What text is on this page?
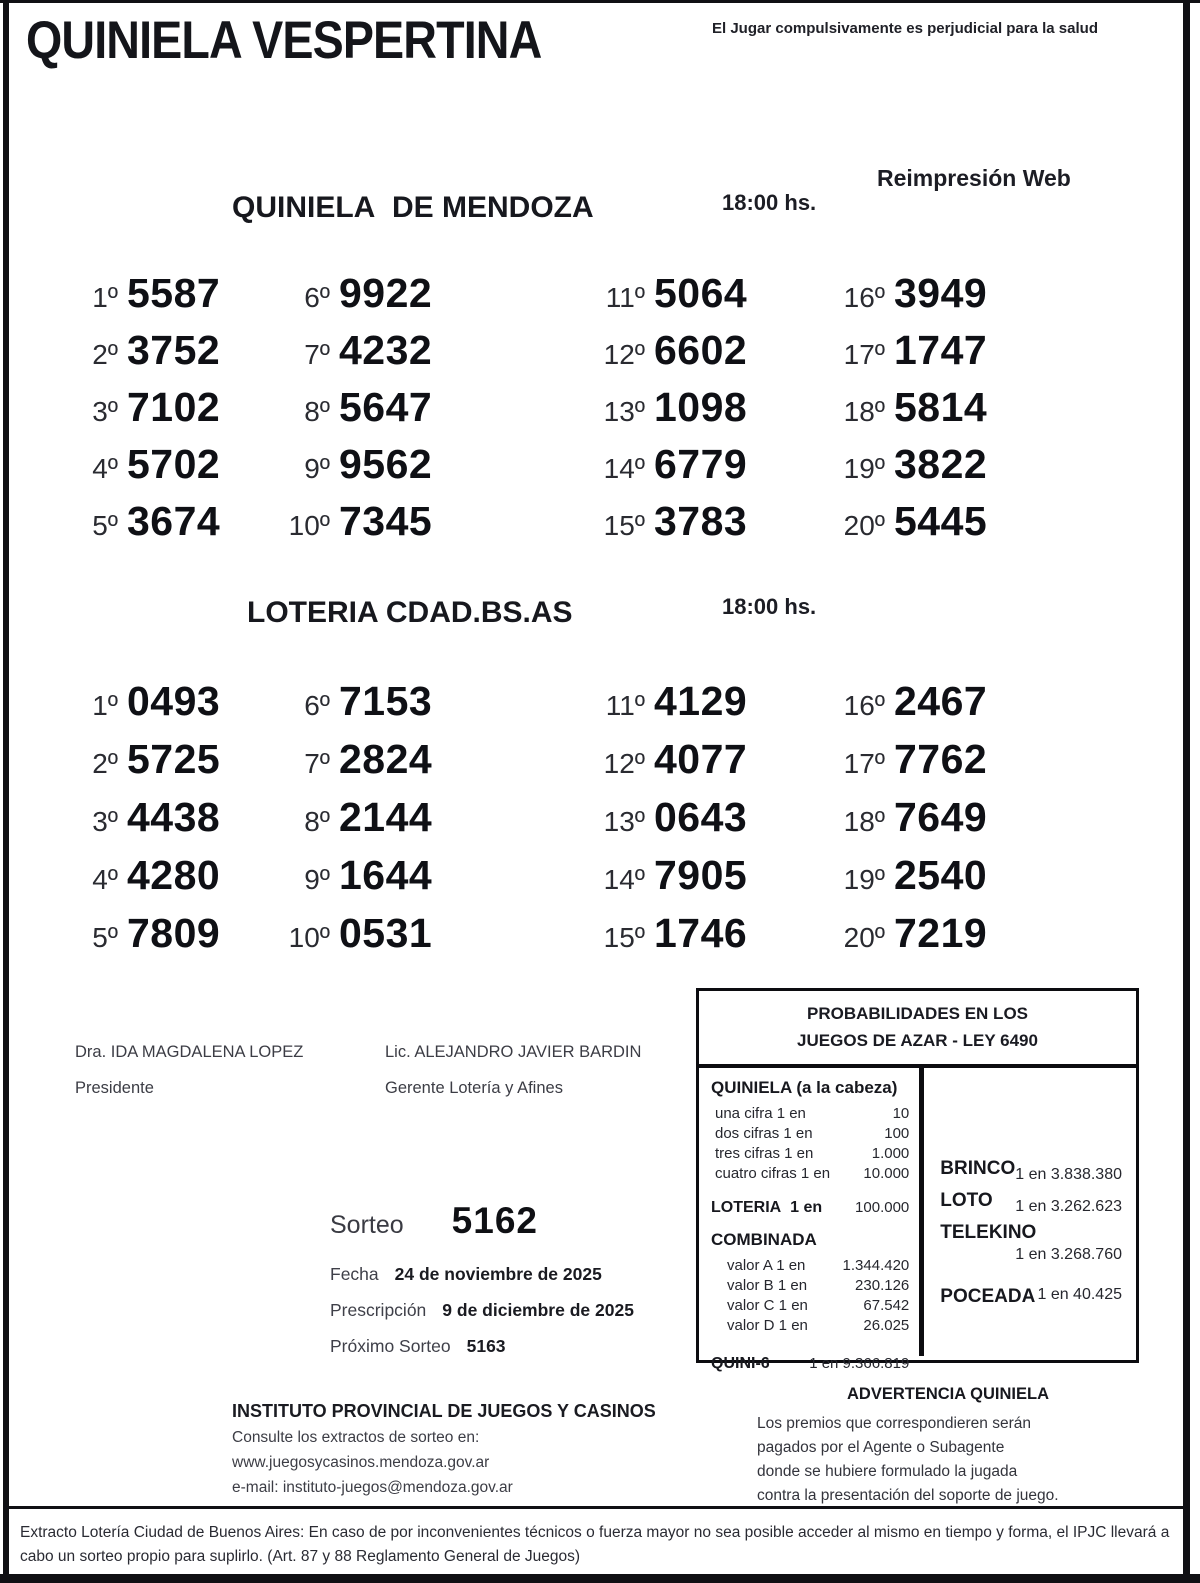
QUINIELA VESPERTINA	El Jugar compulsivamente es perjudicial para la salud
Reimpresión Web
QUINIELA  DE MENDOZA	18:00 hs.
1º 5587
2º 3752
3º 7102
4º 5702
5º 3674
6º 9922
7º 4232
8º 5647
9º 9562
10º 7345
11º 5064
12º 6602
13º 1098
14º 6779
15º 3783
16º 3949
17º 1747
18º 5814
19º 3822
20º 5445
LOTERIA CDAD.BS.AS	18:00 hs.
1º 0493
2º 5725
3º 4438
4º 4280
5º 7809
6º 7153
7º 2824
8º 2144
9º 1644
10º 0531
11º 4129
12º 4077
13º 0643
14º 7905
15º 1746
16º 2467
17º 7762
18º 7649
19º 2540
20º 7219
Dra. IDA MAGDALENA LOPEZ
Presidente
Lic. ALEJANDRO JAVIER BARDIN
Gerente Lotería y Afines
PROBABILIDADES EN LOS
JUEGOS DE AZAR - LEY 6490
QUINIELA (a la cabeza)
una cifra 1 en	10
dos cifras 1 en	100
tres cifras 1 en	1.000
cuatro cifras 1 en 10.000
LOTERIA  1 en 100.000
COMBINADA
valor A 1 en 1.344.420
valor B 1 en	230.126
valor C 1 en	67.542
valor D 1 en	26.025
QUINI-6	1 en 9.366.819
BRINCO 1 en 3.838.380
LOTO 1 en 3.262.623
TELEKINO
1 en 3.268.760
POCEADA 1 en 40.425
Sorteo 5162
Fecha 24 de noviembre de 2025
Prescripción 9 de diciembre de 2025
Próximo Sorteo 5163
INSTITUTO PROVINCIAL DE JUEGOS Y CASINOS
Consulte los extractos de sorteo en:
www.juegosycasinos.mendoza.gov.ar
e-mail: instituto-juegos@mendoza.gov.ar
ADVERTENCIA QUINIELA
Los premios que correspondieren serán
pagados por el Agente o Subagente
donde se hubiere formulado la jugada
contra la presentación del soporte de juego.
Extracto Lotería Ciudad de Buenos Aires: En caso de por inconvenientes técnicos o fuerza mayor no sea posible acceder al mismo en tiempo y forma, el IPJC llevará a cabo un sorteo propio para suplirlo. (Art. 87 y 88 Reglamento General de Juegos)
